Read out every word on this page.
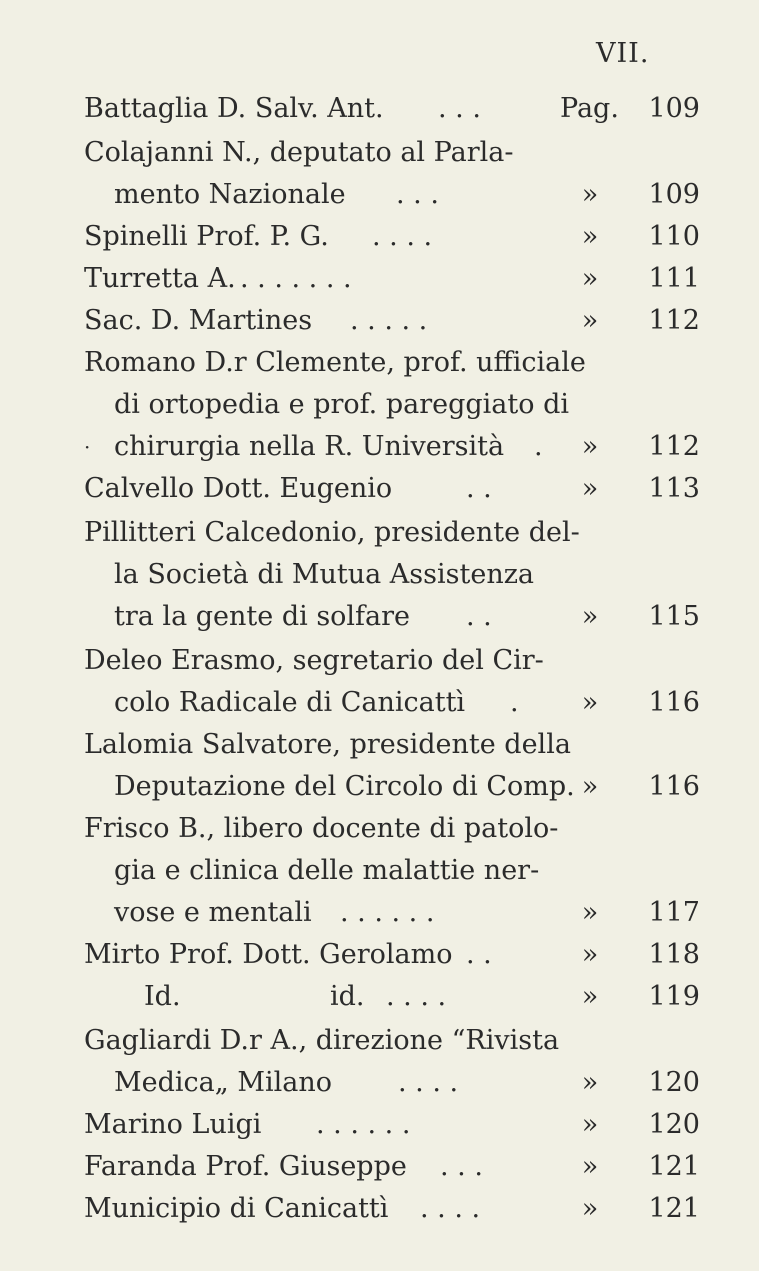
VII.
Battaglia D. Salv. Ant. . . .	Pag.	109
Colajanni N., deputato al Parla-
mento Nazionale . . .	»	109
Spinelli Prof. P. G. . . . .	»	110
Turretta A. . . . . . . .	»	111
Sac. D. Martines . . . . .	»	112
Romano D.r Clemente, prof. ufficiale
di ortopedia e prof. pareggiato di
· chirurgia nella R. Università .	»	112
Calvello Dott. Eugenio	. .	»	113
Pillitteri Calcedonio, presidente del-
la Società di Mutua Assistenza
tra la gente di solfare . .	»	115
Deleo Erasmo, segretario del Cir-
colo Radicale di Canicattì .	»	116
Lalomia Salvatore, presidente della
Deputazione del Circolo di Comp. »	116
Frisco B., libero docente di patolo-
gia e clinica delle malattie ner-
vose e mentali . . . . . .	»	117
Mirto Prof. Dott. Gerolamo . .	»	118
Id.	id. . . . .	»	119
Gagliardi D.r A., direzione “Rivista
Medica„ Milano . . . .	»	120
Marino Luigi . . . . . .	»	120
Faranda Prof. Giuseppe . . .	»	121
Municipio di Canicattì . . . .	»	121
